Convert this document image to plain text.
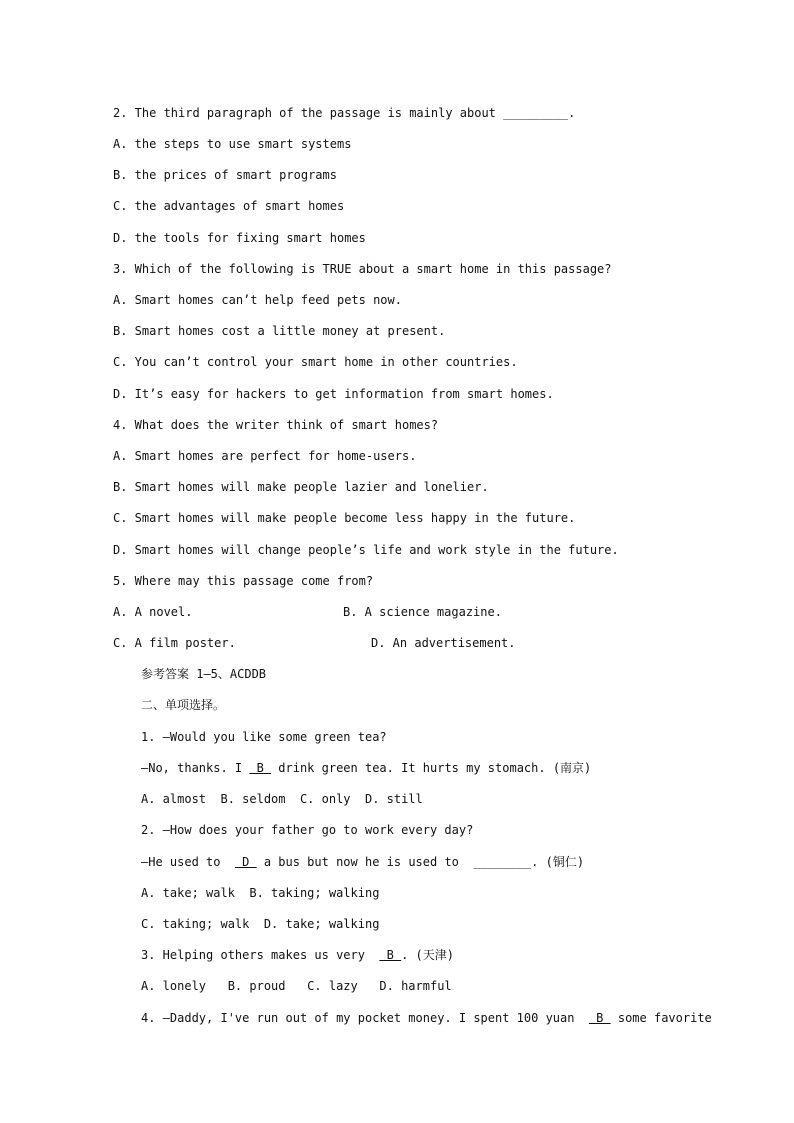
2. The third paragraph of the passage is mainly about _________.
A. the steps to use smart systems
B. the prices of smart programs
C. the advantages of smart homes
D. the tools for fixing smart homes
3. Which of the following is TRUE about a smart home in this passage?
A. Smart homes can’t help feed pets now.
B. Smart homes cost a little money at present.
C. You can’t control your smart home in other countries.
D. It’s easy for hackers to get information from smart homes.
4. What does the writer think of smart homes?
A. Smart homes are perfect for home-users.
B. Smart homes will make people lazier and lonelier.
C. Smart homes will make people become less happy in the future.
D. Smart homes will change people’s life and work style in the future.
5. Where may this passage come from?
A. A novel.	B. A science magazine.
C. A film poster.	D. An advertisement.
参考答案 1—5、ACDDB
二、单项选择。
1. —Would you like some green tea?
—No, thanks. I  B  drink green tea. It hurts my stomach. (南京)
A. almost  B. seldom  C. only  D. still
2. —How does your father go to work every day?
—He used to   D  a bus but now he is used to  ________. (铜仁)
A. take; walk  B. taking; walking
C. taking; walk  D. take; walking
3. Helping others makes us very   B . (天津)
A. lonely   B. proud   C. lazy   D. harmful
4. —Daddy, I've run out of my pocket money. I spent 100 yuan   B  some favorite
